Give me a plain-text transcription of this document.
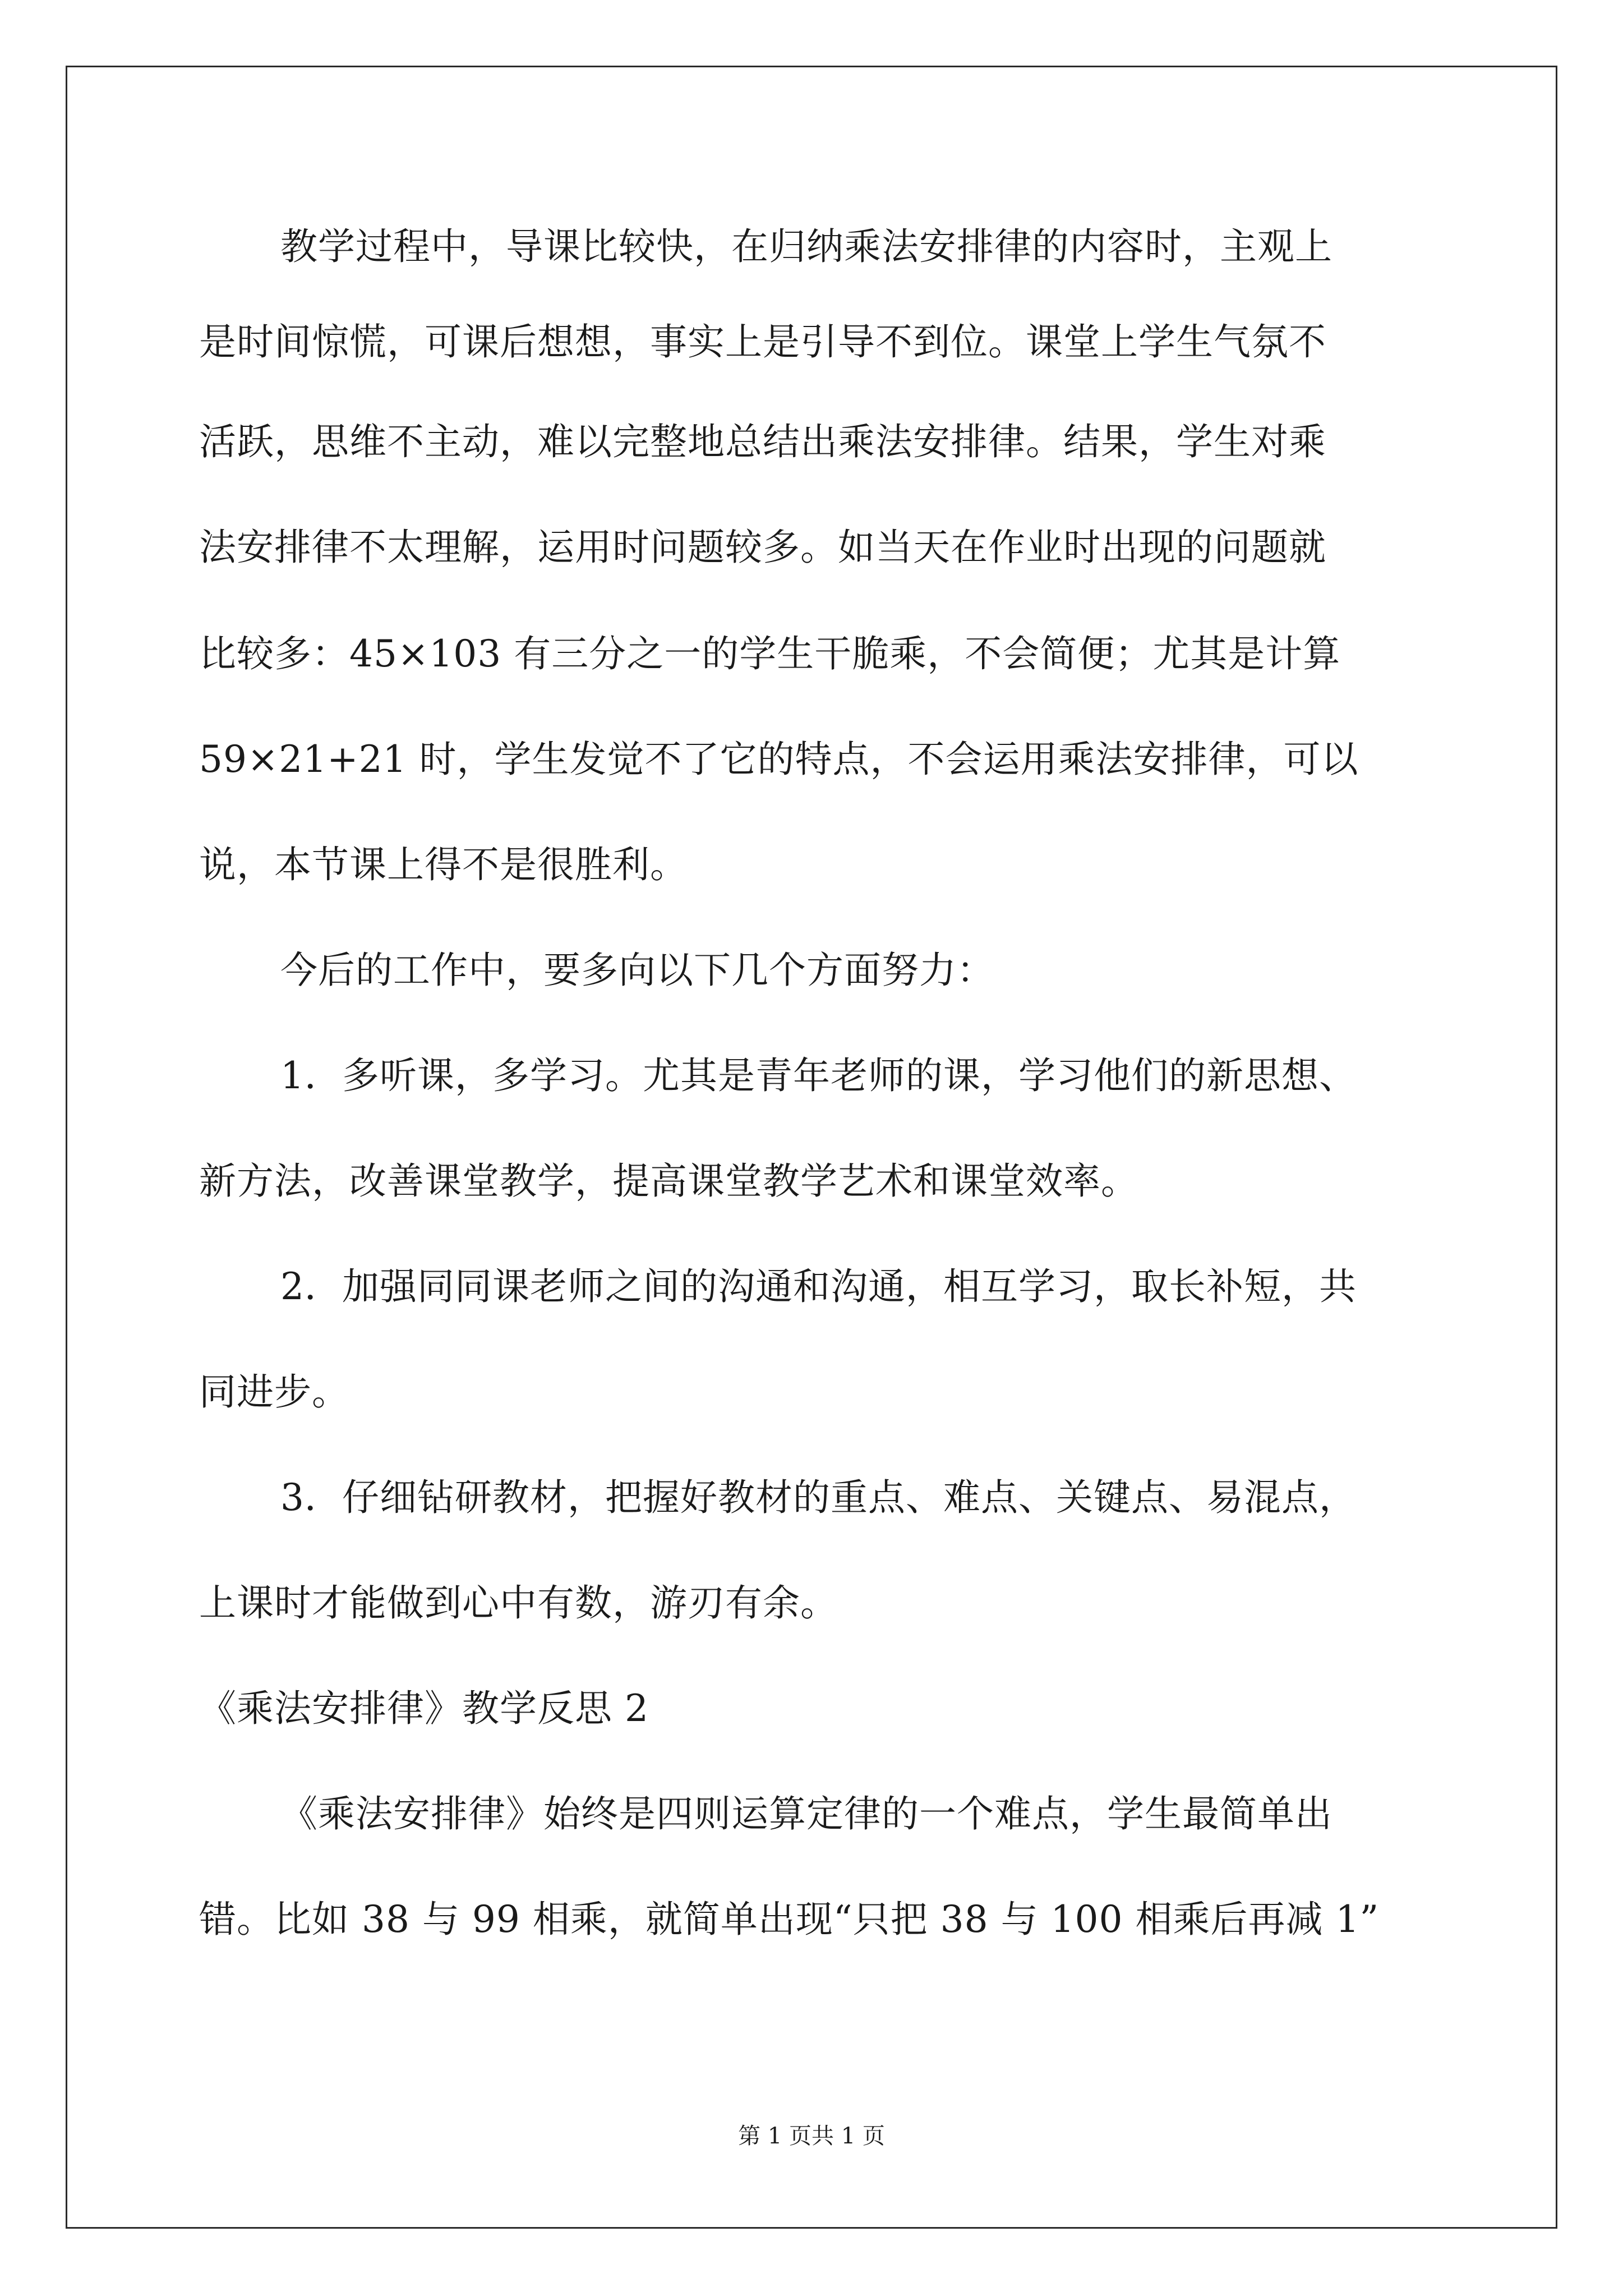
教学过程中，导课比较快，在归纳乘法安排律的内容时，主观上
是时间惊慌，可课后想想，事实上是引导不到位。课堂上学生气氛不
活跃，思维不主动，难以完整地总结出乘法安排律。结果，学生对乘
法安排律不太理解，运用时问题较多。如当天在作业时出现的问题就
比较多：45×103 有三分之一的学生干脆乘，不会简便；尤其是计算
59×21+21 时，学生发觉不了它的特点，不会运用乘法安排律，可以
说，本节课上得不是很胜利。
今后的工作中，要多向以下几个方面努力：
1．多听课，多学习。尤其是青年老师的课，学习他们的新思想、
新方法，改善课堂教学，提高课堂教学艺术和课堂效率。
2．加强同同课老师之间的沟通和沟通，相互学习，取长补短，共
同进步。
3．仔细钻研教材，把握好教材的重点、难点、关键点、易混点，
上课时才能做到心中有数，游刃有余。
《乘法安排律》教学反思 2
《乘法安排律》始终是四则运算定律的一个难点，学生最简单出
错。比如 38 与 99 相乘，就简单出现“只把 38 与 100 相乘后再减 1”
第 1 页共 1 页
